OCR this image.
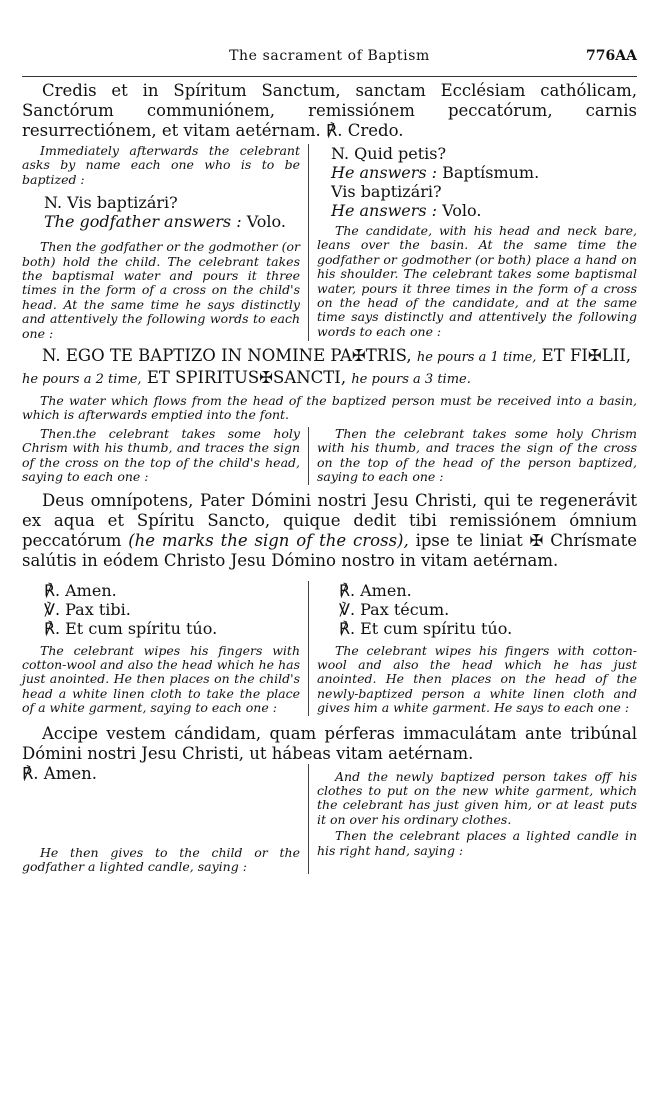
The sacrament of Baptism	776AA

Credis et in Spíritum Sanctum, sanctam Ecclésiam cathólicam, Sanctórum communiónem, remissiónem peccatórum, carnis resurrectiónem, et vitam aetérnam. ℟. Credo.

Immediately afterwards the celebrant asks by name each one who is to be baptized :

N. Vis baptizári?

The godfather answers : Volo.

Then the godfather or the godmother (or both) hold the child. The celebrant takes the baptismal water and pours it three times in the form of a cross on the child's head. At the same time he says distinctly and attentively the following words to each one :

N. Quid petis?

He answers : Baptísmum.

Vis baptizári?

He answers : Volo.

The candidate, with his head and neck bare, leans over the basin. At the same time the godfather or godmother (or both) place a hand on his shoulder. The celebrant takes some baptismal water, pours it three times in the form of a cross on the head of the candidate, and at the same time says distinctly and attentively the following words to each one :

N. EGO TE BAPTIZO IN NOMINE PA✠TRIS, he pours a 1 time, ET FI✠LII, he pours a 2 time, ET SPIRITUS✠SANCTI, he pours a 3 time.

The water which flows from the head of the baptized person must be received into a basin, which is afterwards emptied into the font.

Then.the celebrant takes some holy Chrism with his thumb, and traces the sign of the cross on the top of the child's head, saying to each one :

Then the celebrant takes some holy Chrism with his thumb, and traces the sign of the cross on the top of the head of the person baptized, saying to each one :

Deus omnípotens, Pater Dómini nostri Jesu Christi, qui te regenerávit ex aqua et Spíritu Sancto, quique dedit tibi remissiónem ómnium peccatórum (he marks the sign of the cross), ipse te liniat ✠ Chrísmate salútis in eódem Christo Jesu Dómino nostro in vitam aetérnam.

℟. Amen.

℣. Pax tibi.

℟. Et cum spíritu túo.

The celebrant wipes his fingers with cotton-wool and also the head which he has just anointed. He then places on the child's head a white linen cloth to take the place of a white garment, saying to each one :

℟. Amen.

℣. Pax técum.

℟. Et cum spíritu túo.

The celebrant wipes his fingers with cotton-wool and also the head which he has just anointed. He then places on the head of the newly-baptized person a white linen cloth and gives him a white garment. He says to each one :

Accipe vestem cándidam, quam pérferas immaculátam ante tribúnal Dómini nostri Jesu Christi, ut hábeas vitam aetérnam.

℟. Amen.

He then gives to the child or the godfather a lighted candle, saying :

And the newly baptized person takes off his clothes to put on the new white garment, which the celebrant has just given him, or at least puts it on over his ordinary clothes.

Then the celebrant places a lighted candle in his right hand, saying :
